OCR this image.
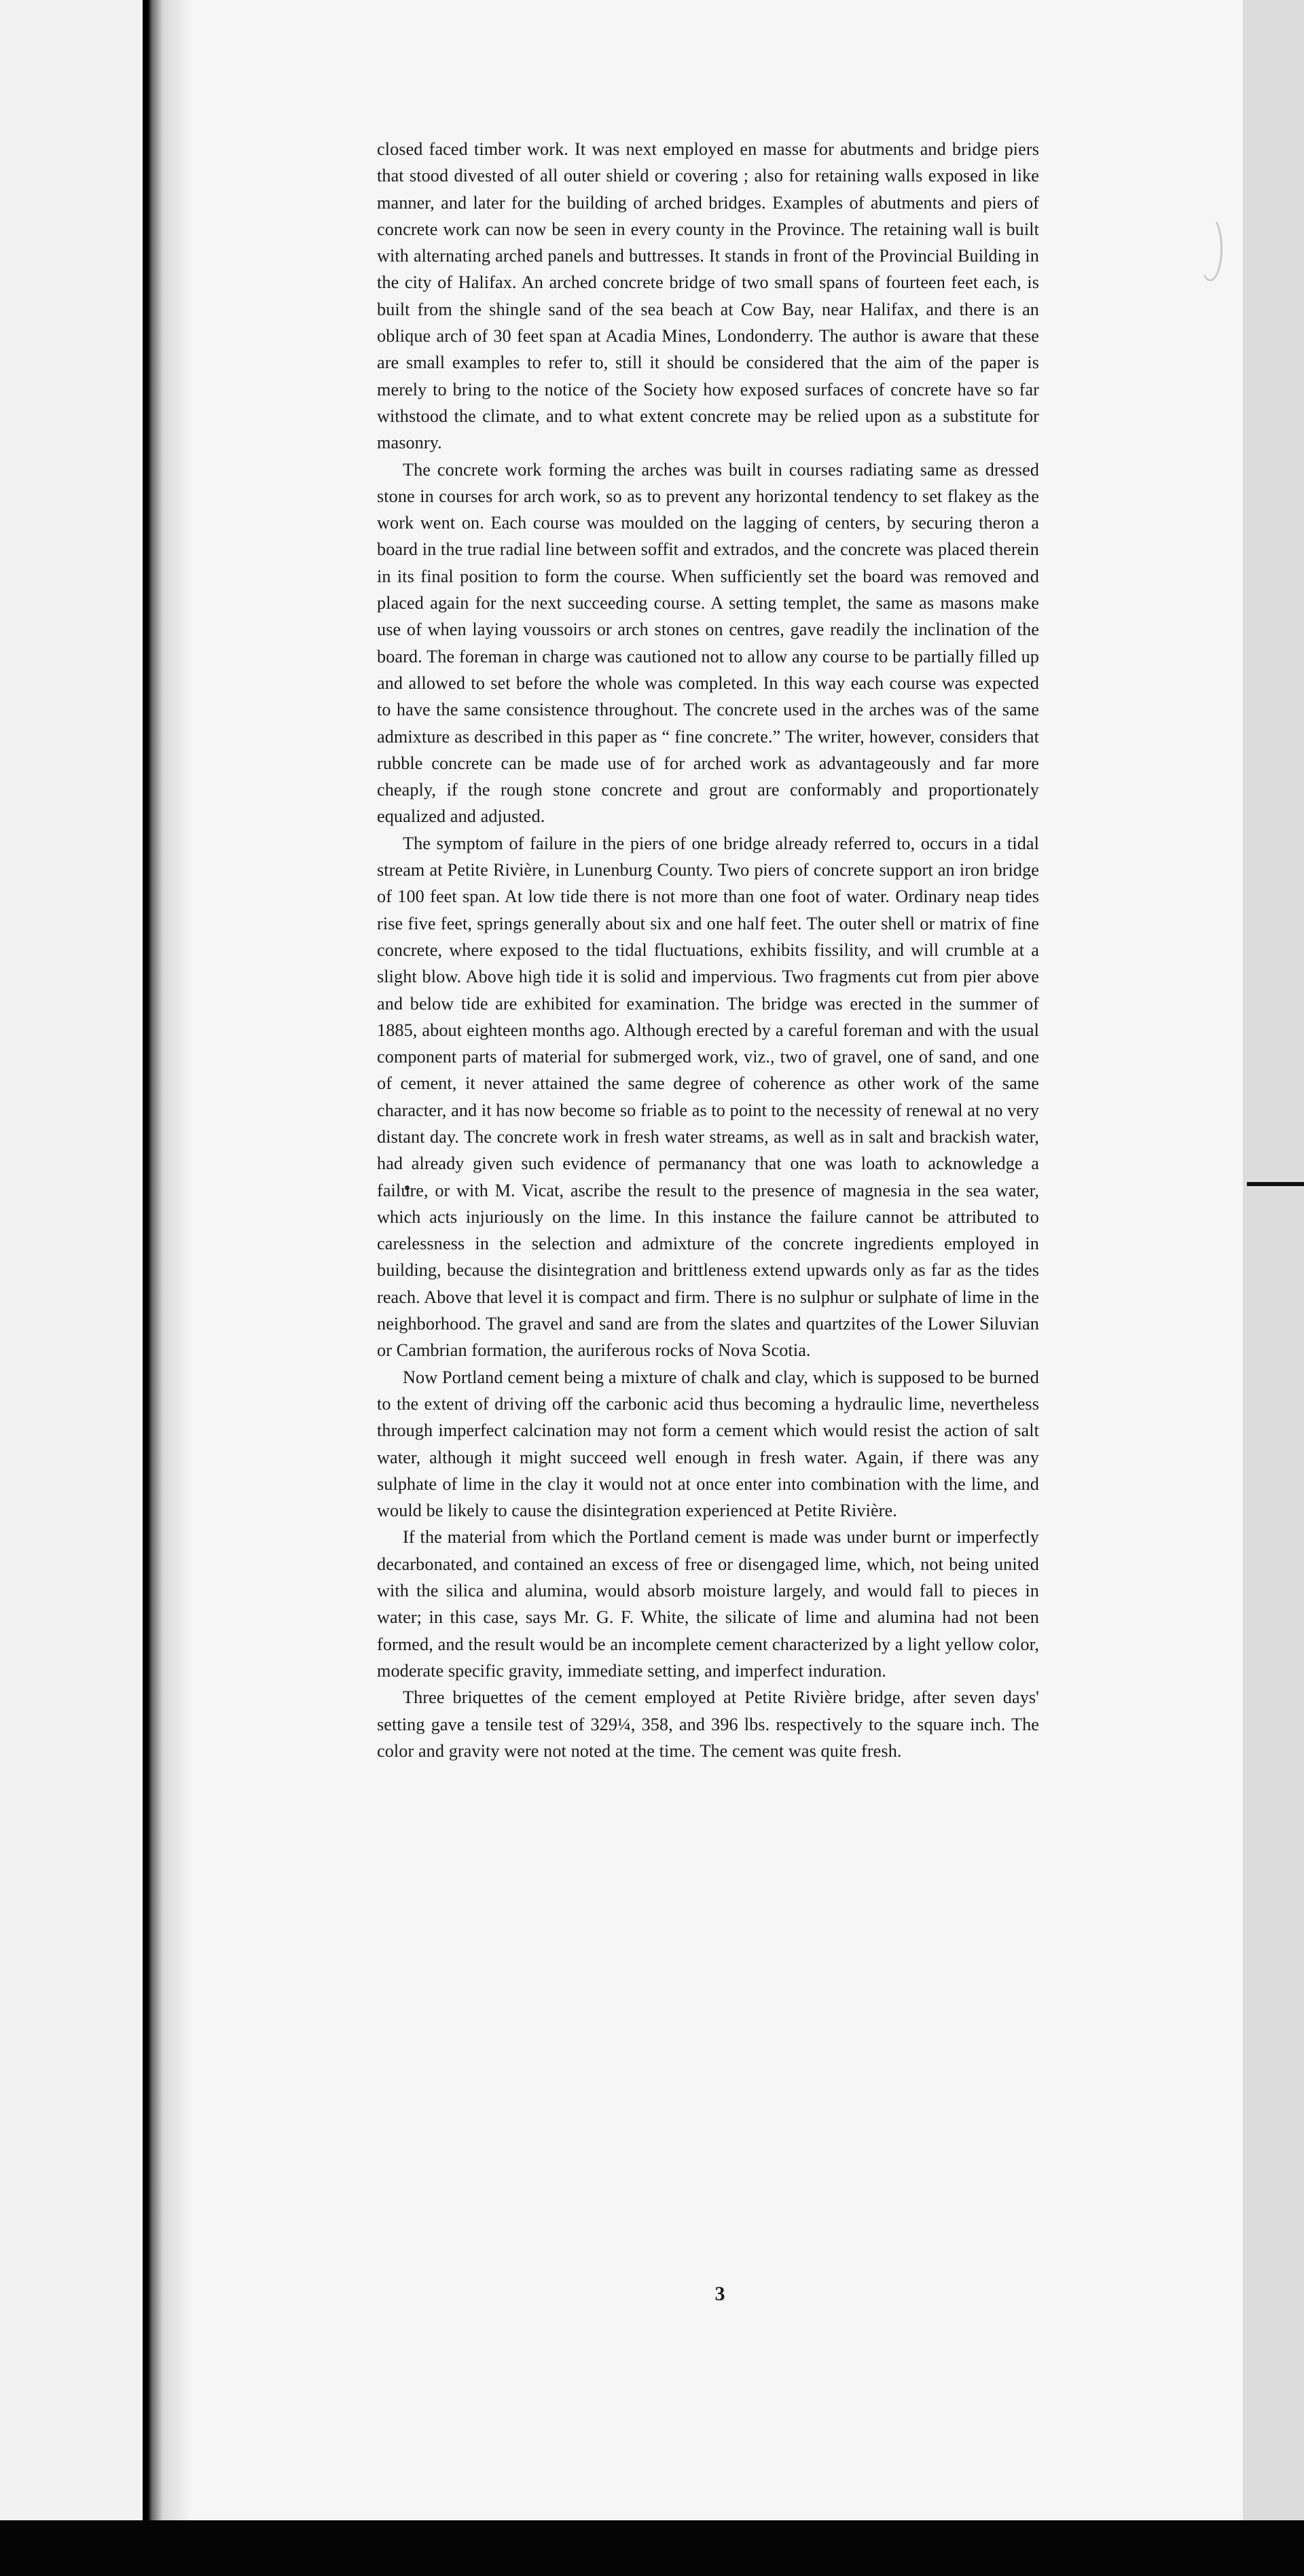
closed faced timber work. It was next employed en masse for abutments and bridge piers that stood divested of all outer shield or covering ; also for retaining walls exposed in like manner, and later for the building of arched bridges. Examples of abutments and piers of concrete work can now be seen in every county in the Province. The retaining wall is built with alternating arched panels and buttresses. It stands in front of the Provincial Building in the city of Halifax. An arched concrete bridge of two small spans of fourteen feet each, is built from the shingle sand of the sea beach at Cow Bay, near Halifax, and there is an oblique arch of 30 feet span at Acadia Mines, Londonderry. The author is aware that these are small examples to refer to, still it should be considered that the aim of the paper is merely to bring to the notice of the Society how exposed surfaces of concrete have so far withstood the climate, and to what extent concrete may be relied upon as a substitute for masonry.

The concrete work forming the arches was built in courses radiating same as dressed stone in courses for arch work, so as to prevent any horizontal tendency to set flakey as the work went on. Each course was moulded on the lagging of centers, by securing theron a board in the true radial line between soffit and extrados, and the concrete was placed therein in its final position to form the course. When sufficiently set the board was removed and placed again for the next succeeding course. A setting templet, the same as masons make use of when laying voussoirs or arch stones on centres, gave readily the inclination of the board. The foreman in charge was cautioned not to allow any course to be partially filled up and allowed to set before the whole was completed. In this way each course was expected to have the same consistence throughout. The concrete used in the arches was of the same admixture as described in this paper as “ fine concrete.” The writer, however, considers that rubble concrete can be made use of for arched work as advantageously and far more cheaply, if the rough stone concrete and grout are conformably and proportionately equalized and adjusted.

The symptom of failure in the piers of one bridge already referred to, occurs in a tidal stream at Petite Rivière, in Lunenburg County. Two piers of concrete support an iron bridge of 100 feet span. At low tide there is not more than one foot of water. Ordinary neap tides rise five feet, springs generally about six and one half feet. The outer shell or matrix of fine concrete, where exposed to the tidal fluctuations, exhibits fissility, and will crumble at a slight blow. Above high tide it is solid and impervious. Two fragments cut from pier above and below tide are exhibited for examination. The bridge was erected in the summer of 1885, about eighteen months ago. Although erected by a careful foreman and with the usual component parts of material for submerged work, viz., two of gravel, one of sand, and one of cement, it never attained the same degree of coherence as other work of the same character, and it has now become so friable as to point to the necessity of renewal at no very distant day. The concrete work in fresh water streams, as well as in salt and brackish water, had already given such evidence of permanancy that one was loath to acknowledge a failure, or with M. Vicat, ascribe the result to the presence of magnesia in the sea water, which acts injuriously on the lime. In this instance the failure cannot be attributed to carelessness in the selection and admixture of the concrete ingredients employed in building, because the disintegration and brittleness extend upwards only as far as the tides reach. Above that level it is compact and firm. There is no sulphur or sulphate of lime in the neighborhood. The gravel and sand are from the slates and quartzites of the Lower Siluvian or Cambrian formation, the auriferous rocks of Nova Scotia.

Now Portland cement being a mixture of chalk and clay, which is supposed to be burned to the extent of driving off the carbonic acid thus becoming a hydraulic lime, nevertheless through imperfect calcination may not form a cement which would resist the action of salt water, although it might succeed well enough in fresh water. Again, if there was any sulphate of lime in the clay it would not at once enter into combination with the lime, and would be likely to cause the disintegration experienced at Petite Rivière.

If the material from which the Portland cement is made was under burnt or imperfectly decarbonated, and contained an excess of free or disengaged lime, which, not being united with the silica and alumina, would absorb moisture largely, and would fall to pieces in water; in this case, says Mr. G. F. White, the silicate of lime and alumina had not been formed, and the result would be an incomplete cement characterized by a light yellow color, moderate specific gravity, immediate setting, and imperfect induration.

Three briquettes of the cement employed at Petite Rivière bridge, after seven days' setting gave a tensile test of 329¼, 358, and 396 lbs. respectively to the square inch. The color and gravity were not noted at the time. The cement was quite fresh.

3
